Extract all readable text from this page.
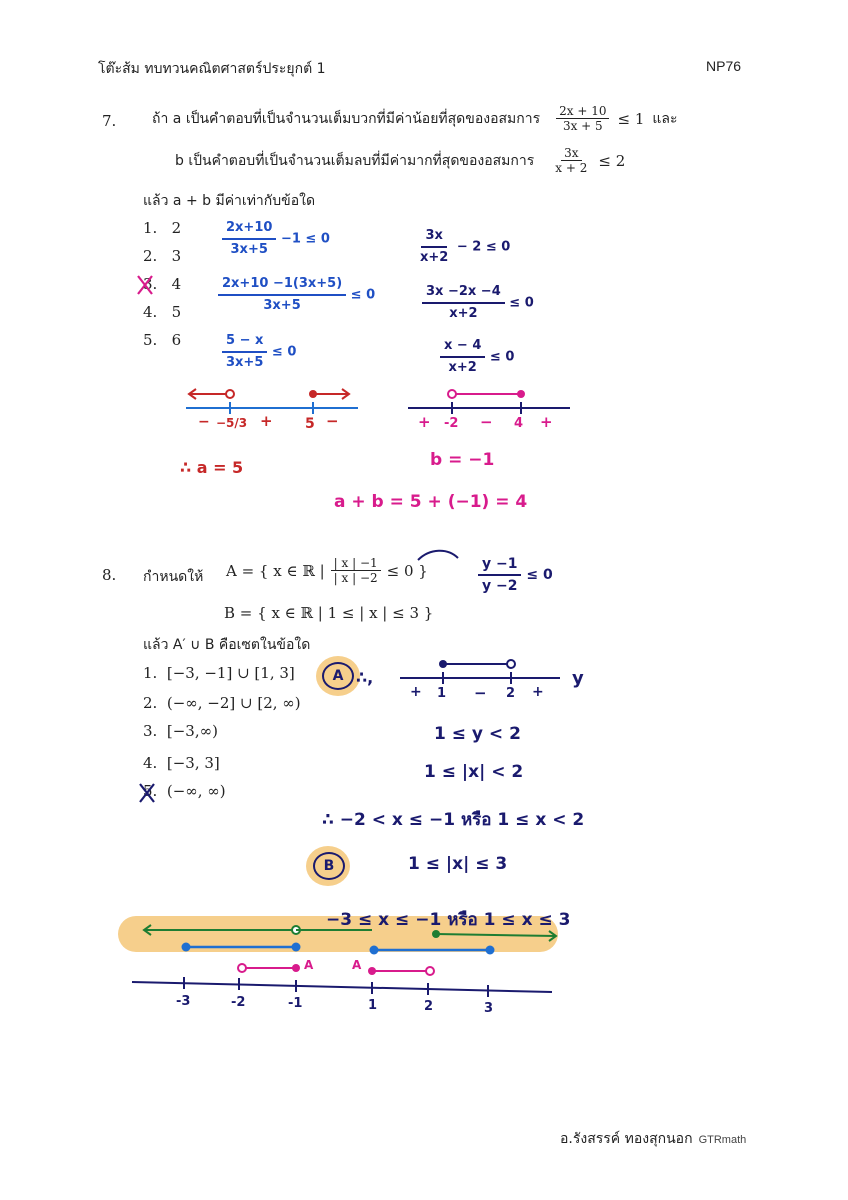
โต๊ะส้ม ทบทวนคณิตศาสตร์ประยุกต์ 1	NP76
7.	ถ้า a เป็นคำตอบที่เป็นจำนวนเต็มบวกที่มีค่าน้อยที่สุดของอสมการ $\frac{2x + 10}{3x + 5} \le 1$ และ
b เป็นคำตอบที่เป็นจำนวนเต็มลบที่มีค่ามากที่สุดของอสมการ $\frac{3x}{x + 2} \le 2$
แล้ว a + b มีค่าเท่ากับข้อใด
1. 2
2. 3
3. 4
4. 5
5. 6
$\frac{2x+10}{3x+5} -1 \le 0$
$\frac{2x+10 -1(3x+5)}{3x+5} \le 0$
$\frac{5 - x}{3x+5} \le 0$
$\frac{3x}{x+2} - 2 \le 0$
$\frac{3x -2x -4}{x+2} \le 0$
$\frac{x - 4}{x+2} \le 0$
− −5/3 + 5 −	+ -2 − 4 +
∴ a = 5	b = −1
a + b = 5 + (−1) = 4
8. กำหนดให้ A = { x ∈ ℝ | $\frac{| x | -1}{| x | -2} \le 0$ }
B = { x ∈ ℝ | 1 ≤ | x | ≤ 3 }
แล้ว A′ ∪ B คือเซตในข้อใด
1. [−3, −1] ∪ [1, 3]
2. (−∞, −2] ∪ [2, ∞)
3. [−3,∞)
4. [−3, 3]
5. (−∞, ∞)
$\frac{y -1}{y -2} \le 0$
A ∴,
+ 1 − 2 +
y
1 ≤ y < 2
1 ≤ |x| < 2
∴ −2 < x ≤ −1 หรือ 1 ≤ x < 2
B	1 ≤ |x| ≤ 3
−3 ≤ x ≤ −1 หรือ 1 ≤ x ≤ 3
-3	-2	-1	1	2	3
A	A
อ.รังสรรค์ ทองสุกนอก GTRmath
